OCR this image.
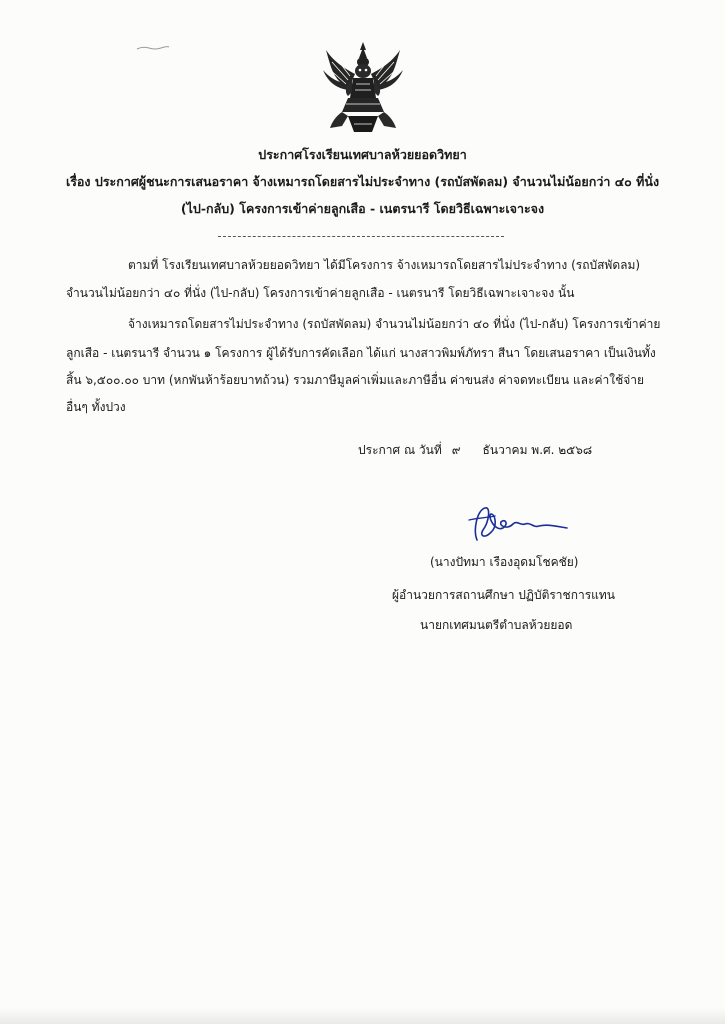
ประกาศโรงเรียนเทศบาลห้วยยอดวิทยา
เรื่อง ประกาศผู้ชนะการเสนอราคา จ้างเหมารถโดยสารไม่ประจำทาง (รถบัสพัดลม) จำนวนไม่น้อยกว่า ๔๐ ที่นั่ง
(ไป-กลับ) โครงการเข้าค่ายลูกเสือ - เนตรนารี โดยวิธีเฉพาะเจาะจง
ตามที่ โรงเรียนเทศบาลห้วยยอดวิทยา ได้มีโครงการ จ้างเหมารถโดยสารไม่ประจำทาง (รถบัสพัดลม)
จำนวนไม่น้อยกว่า ๔๐ ที่นั่ง (ไป-กลับ) โครงการเข้าค่ายลูกเสือ - เนตรนารี โดยวิธีเฉพาะเจาะจง นั้น
จ้างเหมารถโดยสารไม่ประจำทาง (รถบัสพัดลม) จำนวนไม่น้อยกว่า ๔๐ ที่นั่ง (ไป-กลับ) โครงการเข้าค่าย
ลูกเสือ - เนตรนารี จำนวน ๑ โครงการ ผู้ได้รับการคัดเลือก ได้แก่ นางสาวพิมพ์ภัทรา สีนา โดยเสนอราคา เป็นเงินทั้ง
สิ้น ๖,๕๐๐.๐๐ บาท (หกพันห้าร้อยบาทถ้วน) รวมภาษีมูลค่าเพิ่มและภาษีอื่น ค่าขนส่ง ค่าจดทะเบียน และค่าใช้จ่าย
อื่นๆ ทั้งปวง
ประกาศ ณ วันที่ ๙ ธันวาคม พ.ศ. ๒๕๖๘
(นางปัทมา เรืองอุดมโชคชัย)
ผู้อำนวยการสถานศึกษา ปฏิบัติราชการแทน
นายกเทศมนตรีตำบลห้วยยอด
